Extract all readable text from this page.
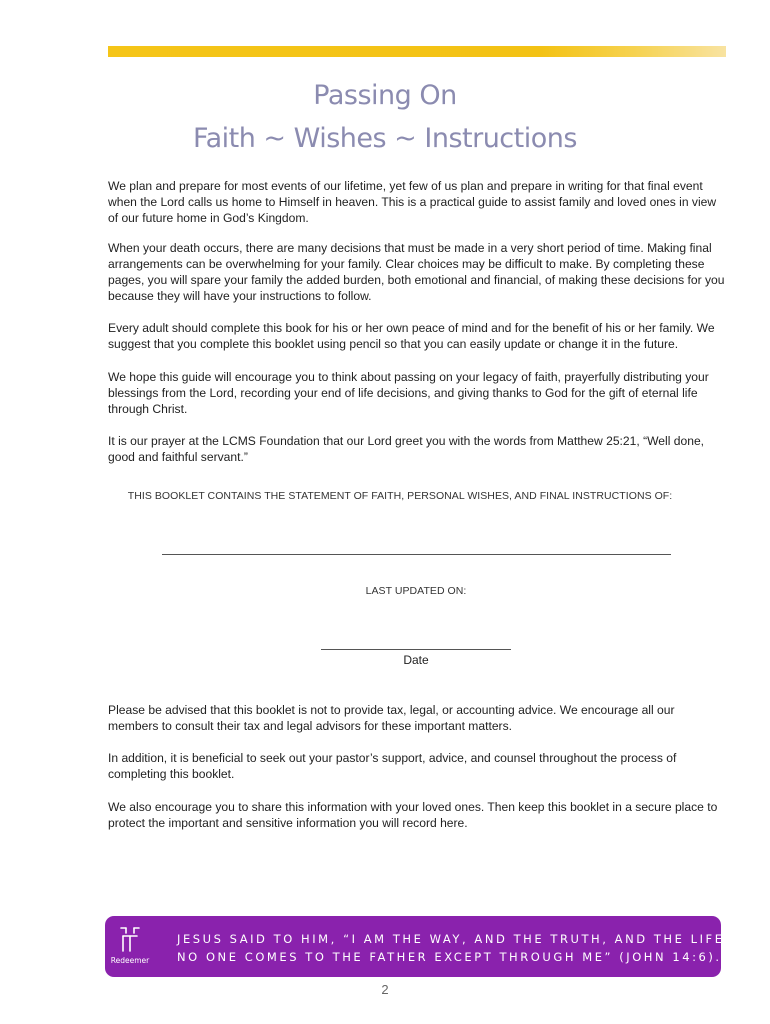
Passing On
Faith ~ Wishes ~ Instructions

We plan and prepare for most events of our lifetime, yet few of us plan and prepare in writing for that final event when the Lord calls us home to Himself in heaven. This is a practical guide to assist family and loved ones in view of our future home in God’s Kingdom.

When your death occurs, there are many decisions that must be made in a very short period of time. Making final arrangements can be overwhelming for your family. Clear choices may be difficult to make. By completing these pages, you will spare your family the added burden, both emotional and financial, of making these decisions for you because they will have your instructions to follow.

Every adult should complete this book for his or her own peace of mind and for the benefit of his or her family. We suggest that you complete this booklet using pencil so that you can easily update or change it in the future.

We hope this guide will encourage you to think about passing on your legacy of faith, prayerfully distributing your blessings from the Lord, recording your end of life decisions, and giving thanks to God for the gift of eternal life through Christ.

It is our prayer at the LCMS Foundation that our Lord greet you with the words from Matthew 25:21, “Well done, good and faithful servant.”

THIS BOOKLET CONTAINS THE STATEMENT OF FAITH, PERSONAL WISHES, AND FINAL INSTRUCTIONS OF:
LAST UPDATED ON:
Date

Please be advised that this booklet is not to provide tax, legal, or accounting advice. We encourage all our members to consult their tax and legal advisors for these important matters.

In addition, it is beneficial to seek out your pastor’s support, advice, and counsel throughout the process of completing this booklet.

We also encourage you to share this information with your loved ones. Then keep this booklet in a secure place to protect the important and sensitive information you will record here.

Redeemer
JESUS SAID TO HIM, “I AM THE WAY, AND THE TRUTH, AND THE LIFE.
NO ONE COMES TO THE FATHER EXCEPT THROUGH ME” (JOHN 14:6).
2
